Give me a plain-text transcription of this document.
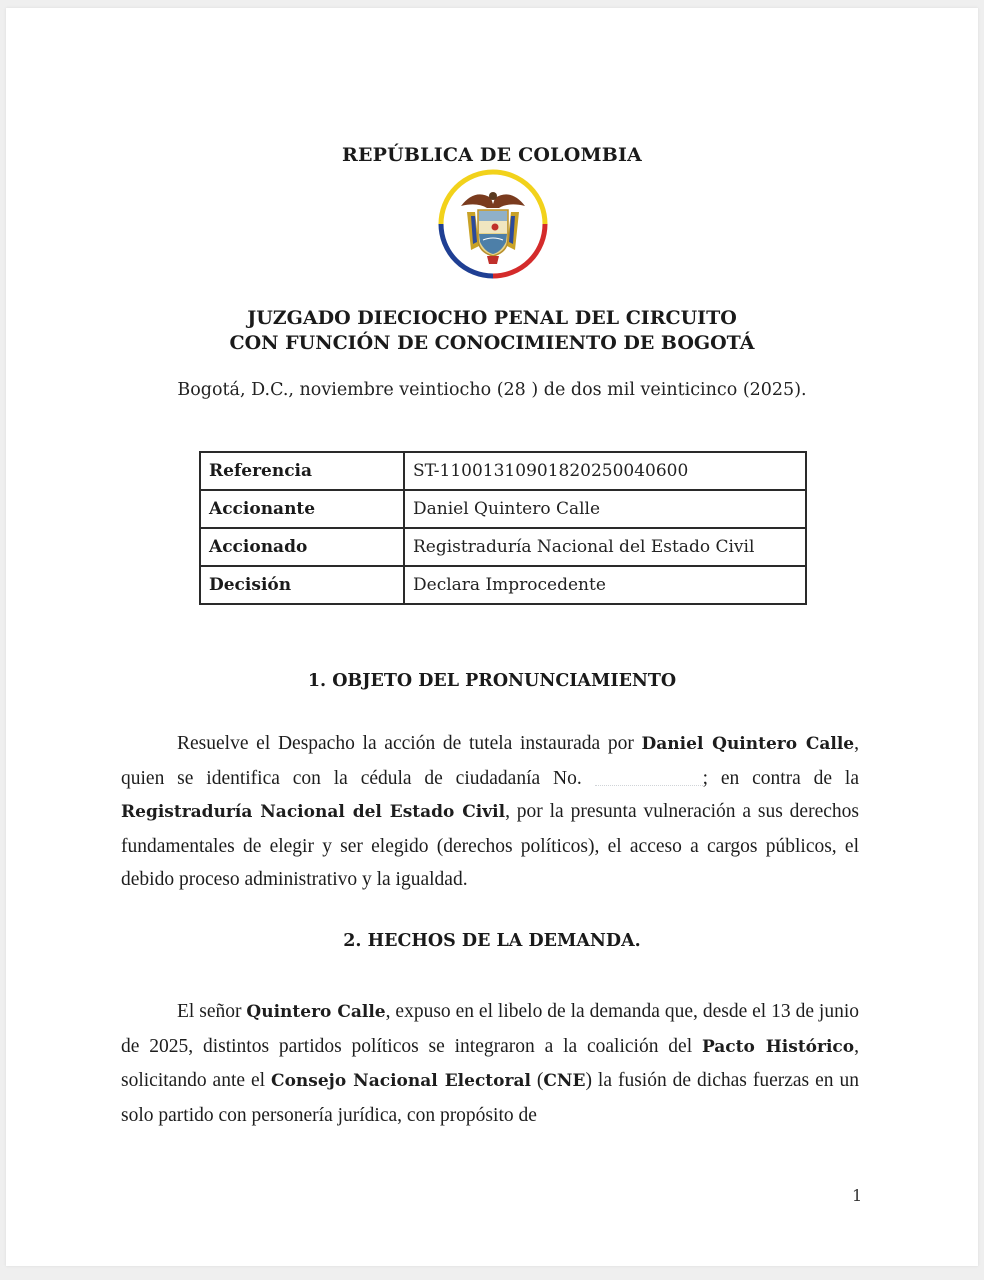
REPÚBLICA DE COLOMBIA
JUZGADO DIECIOCHO PENAL DEL CIRCUITO
CON FUNCIÓN DE CONOCIMIENTO DE BOGOTÁ
Bogotá, D.C., noviembre veintiocho (28 ) de dos mil veinticinco (2025).
Referencia	ST-11001310901820250040600
Accionante	Daniel Quintero Calle
Accionado	Registraduría Nacional del Estado Civil
Decisión	Declara Improcedente
1. OBJETO DEL PRONUNCIAMIENTO
Resuelve el Despacho la acción de tutela instaurada por Daniel Quintero Calle, quien se identifica con la cédula de ciudadanía No.	; en contra de la Registraduría Nacional del Estado Civil, por la presunta vulneración a sus derechos fundamentales de elegir y ser elegido (derechos políticos), el acceso a cargos públicos, el debido proceso administrativo y la igualdad.
2. HECHOS DE LA DEMANDA.
El señor Quintero Calle, expuso en el libelo de la demanda que, desde el 13 de junio de 2025, distintos partidos políticos se integraron a la coalición del Pacto Histórico, solicitando ante el Consejo Nacional Electoral (CNE) la fusión de dichas fuerzas en un solo partido con personería jurídica, con propósito de
1
